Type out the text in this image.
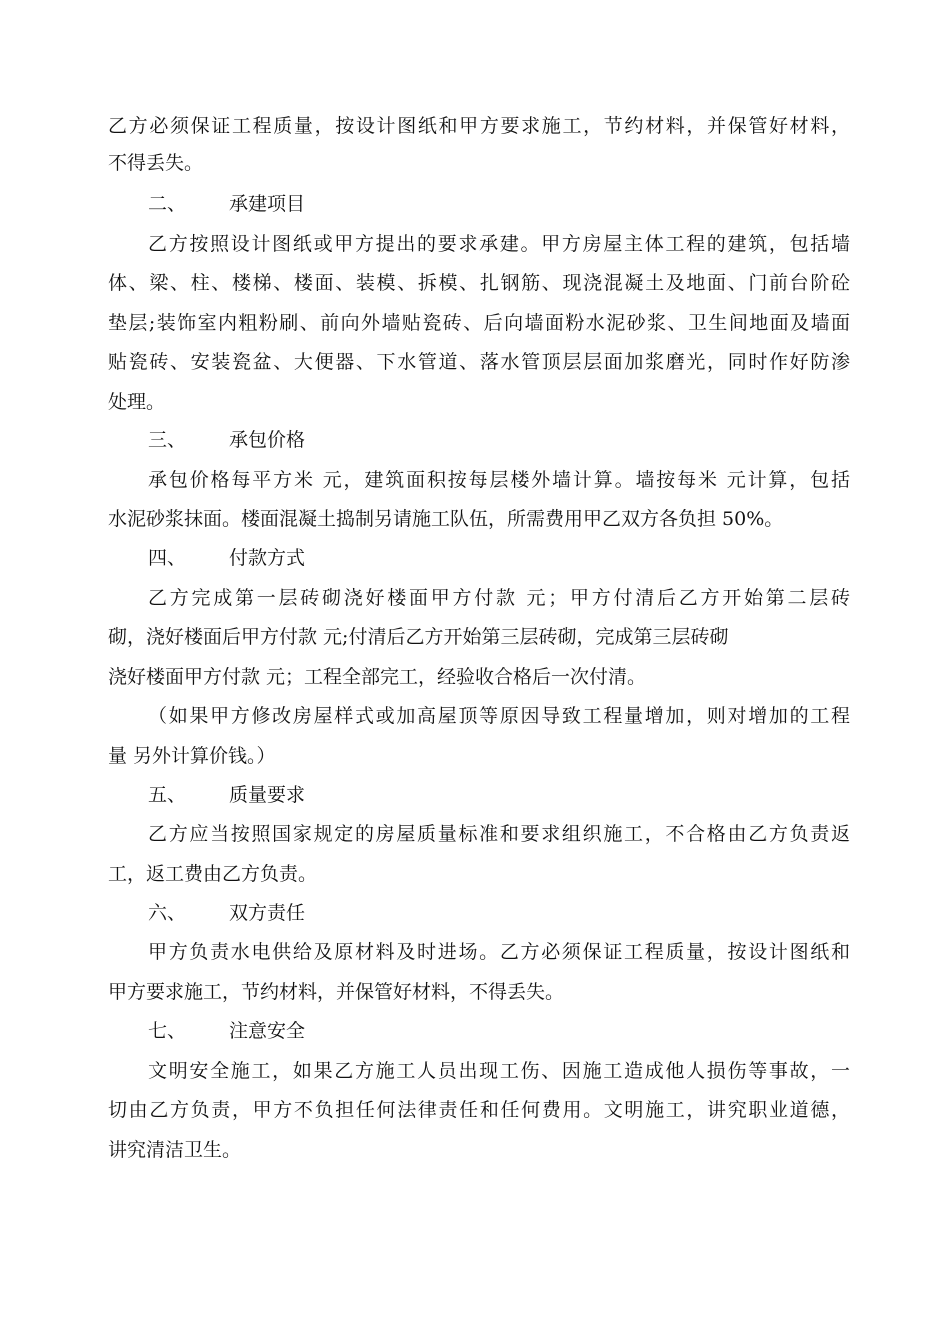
乙方必须保证工程质量，按设计图纸和甲方要求施工，节约材料，并保管好材料，
不得丢失。
二、 承建项目
乙方按照设计图纸或甲方提出的要求承建。甲方房屋主体工程的建筑，包括墙
体、梁、柱、楼梯、楼面、装模、拆模、扎钢筋、现浇混凝土及地面、门前台阶砼
垫层;装饰室内粗粉刷、前向外墙贴瓷砖、后向墙面粉水泥砂浆、卫生间地面及墙面
贴瓷砖、安装瓷盆、大便器、下水管道、落水管顶层层面加浆磨光，同时作好防渗
处理。
三、 承包价格
承包价格每平方米 元，建筑面积按每层楼外墙计算。墙按每米 元计算，包括
水泥砂浆抹面。楼面混凝土捣制另请施工队伍，所需费用甲乙双方各负担 50%。
四、 付款方式
乙方完成第一层砖砌浇好楼面甲方付款 元；甲方付清后乙方开始第二层砖
砌，浇好楼面后甲方付款 元;付清后乙方开始第三层砖砌，完成第三层砖砌
浇好楼面甲方付款 元；工程全部完工，经验收合格后一次付清。
（如果甲方修改房屋样式或加高屋顶等原因导致工程量增加，则对增加的工程
量 另外计算价钱。）
五、 质量要求
乙方应当按照国家规定的房屋质量标准和要求组织施工，不合格由乙方负责返
工，返工费由乙方负责。
六、 双方责任
甲方负责水电供给及原材料及时进场。乙方必须保证工程质量，按设计图纸和
甲方要求施工，节约材料，并保管好材料，不得丢失。
七、 注意安全
文明安全施工，如果乙方施工人员出现工伤、因施工造成他人损伤等事故，一
切由乙方负责，甲方不负担任何法律责任和任何费用。文明施工，讲究职业道德，
讲究清洁卫生。
